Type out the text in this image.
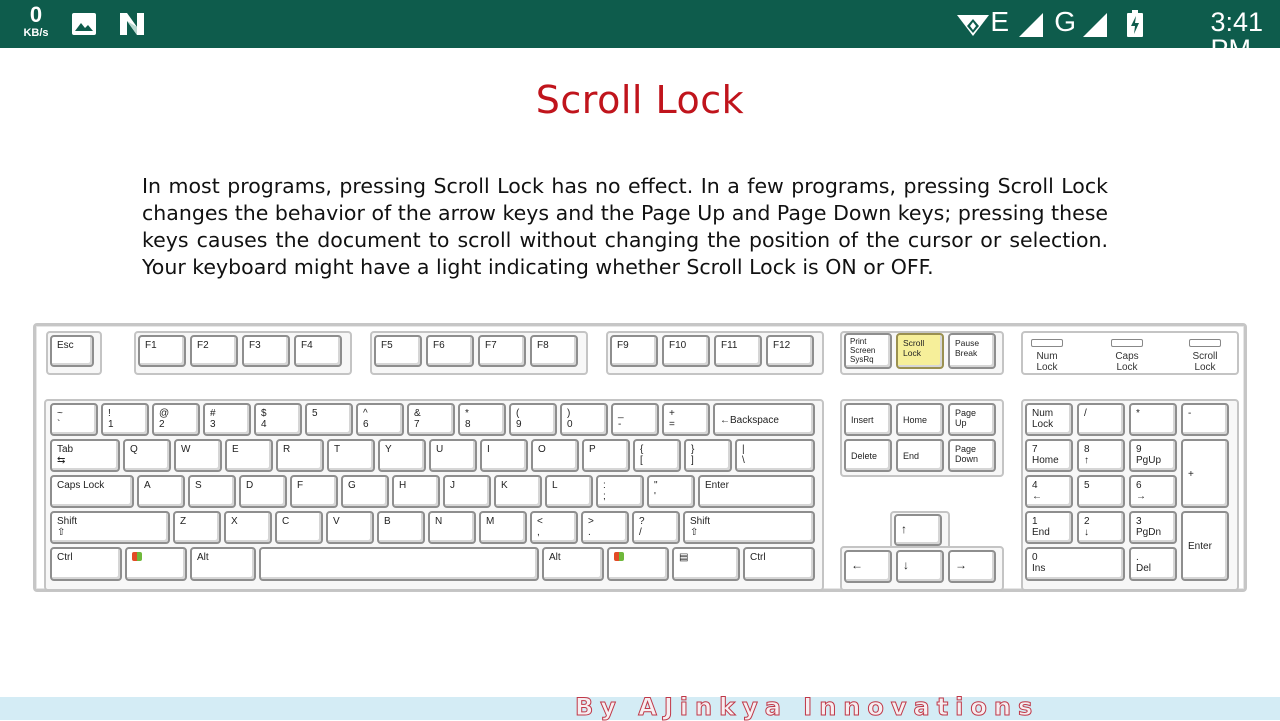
0
KB/s	E G	3:41 PM
Scroll Lock
In most programs, pressing Scroll Lock has no effect. In a few programs, pressing Scroll Lock changes the behavior of the arrow keys and the Page Up and Page Down keys; pressing these keys causes the document to scroll without changing the position of the cursor or selection. Your keyboard might have a light indicating whether Scroll Lock is ON or OFF.
Num
Lock
Caps
Lock
Scroll
Lock
Esc	F1	F2	F3	F4	F5	F6	F7	F8	F9	F10	F11	F12	Print
Screen
SysRq
Scroll
Lock
Pause
Break
~
`
!
1
@
2
#
3
$
4
5	^
6
&
7
*
8
(
9
)
0
_
-
+
=	←Backspace
Tab
⇆
Q	W	E	R	T	Y	U	I	O	P	{
[
}
]
|
\
Caps Lock	A	S	D	F	G	H	J	K	L	:
;
"
'
Enter
Shift
⇧
Z	X	C	V	B	N	M	<
,
>
.
?
/
Shift
⇧
Ctrl	Alt	Alt	▤	Ctrl
Insert	Home
Page
Up
Delete	End
Page
Down
↑
←	↓	→
Num
Lock
/	*	-
7
Home
8
↑
9
PgUp
+
4
←
5	6
→
1
End
2
↓
3
PgDn
Enter
0
Ins
.
Del
By AJinkya Innovations
